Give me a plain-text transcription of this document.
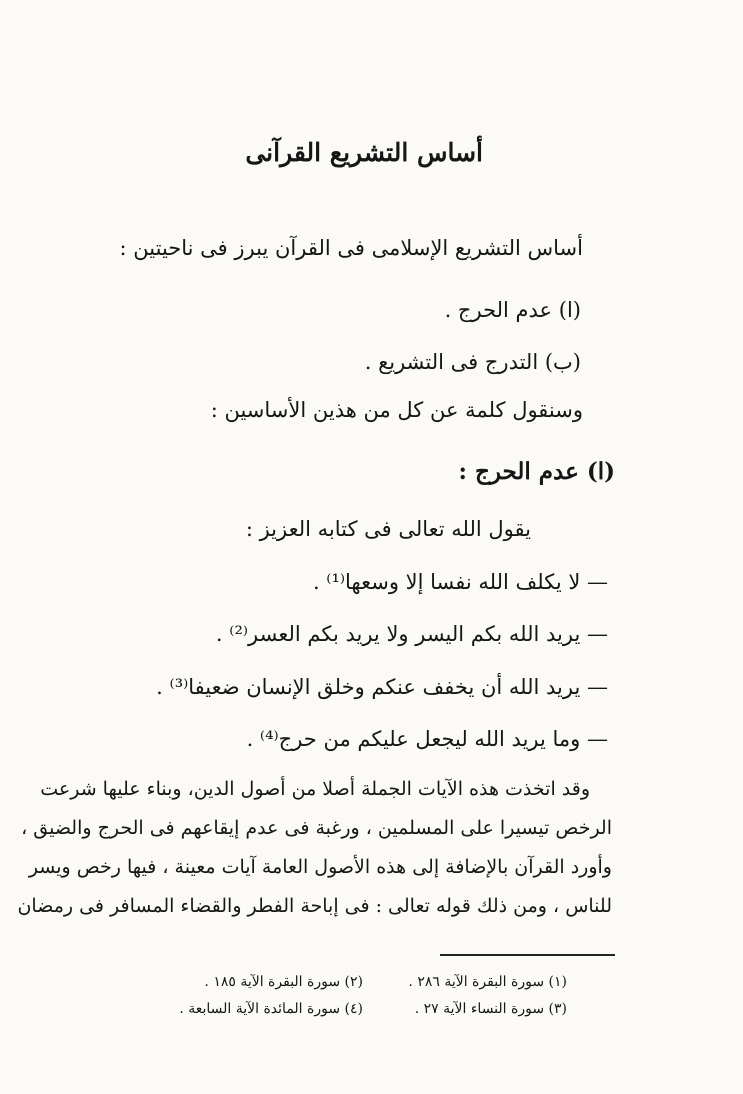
أساس التشريع القرآنى
أساس التشريع الإسلامى فى القرآن يبرز فى ناحيتين :
(ا) عدم الحرج .
(ب) التدرج فى التشريع .
وسنقول كلمة عن كل من هذين الأساسين :
(ا) عدم الحرج :
يقول الله تعالى فى كتابه العزيز :
— لا يكلف الله نفسا إلا وسعها⁽¹⁾ .
— يريد الله بكم اليسر ولا يريد بكم العسر⁽²⁾ .
— يريد الله أن يخفف عنكم وخلق الإنسان ضعيفا⁽³⁾ .
— وما يريد الله ليجعل عليكم من حرج⁽⁴⁾ .
وقد اتخذت هذه الآيات الجملة أصلا من أصول الدين، وبناء عليها شرعت
الرخص تيسيرا على المسلمين ، ورغبة فى عدم إيقاعهم فى الحرج والضيق ،
وأورد القرآن بالإضافة إلى هذه الأصول العامة آيات معينة ، فيها رخص ويسر
للناس ، ومن ذلك قوله تعالى : فى إباحة الفطر والقضاء المسافر فى رمضان
(١) سورة البقرة الآية ٢٨٦ .
(٢) سورة البقرة الآية ١٨٥ .
(٣) سورة النساء الآية ٢٧ .
(٤) سورة المائدة الآية السابعة .
